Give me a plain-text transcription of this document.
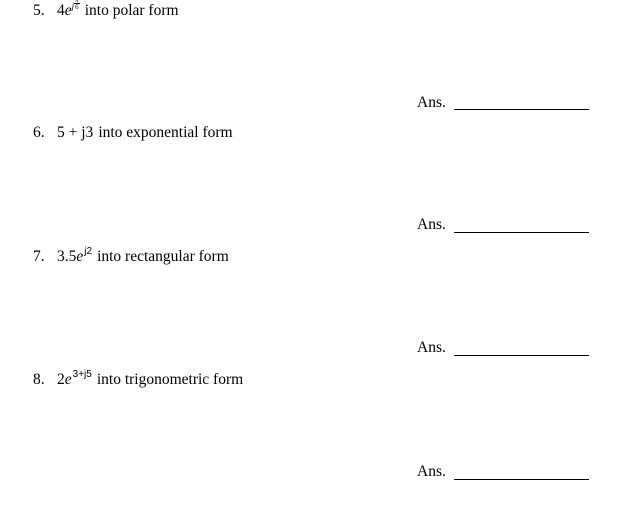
5. $4ej \frac{\pi}{6}$ into polar form
Ans.
6. 5 + j3 into exponential form
Ans.
7. $3.5e^{j2}$ into rectangular form
Ans.
8. $2e^{3+j5}$ into trigonometric form
Ans.
